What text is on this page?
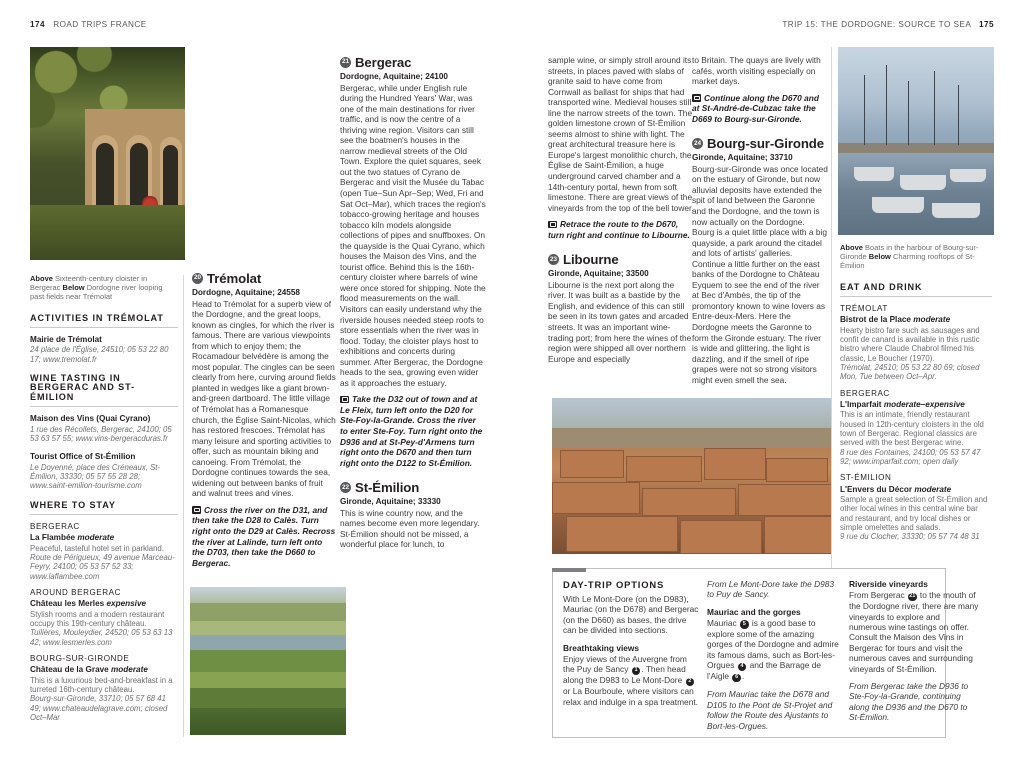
174 ROAD TRIPS FRANCE	TRIP 15: THE DORDOGNE: SOURCE TO SEA 175
Above Sixteenth-century cloister in Bergerac Below Dordogne river looping past fields near Trémolat
ACTIVITIES IN TRÉMOLAT
Mairie de Trémolat
24 place de l'Église, 24510; 05 53 22 80 17; www.tremolat.fr
WINE TASTING IN BERGERAC AND ST-ÉMILION
Maison des Vins (Quai Cyrano)
1 rue des Récollets, Bergerac, 24100; 05 53 63 57 55; www.vins-bergeracduras.fr
Tourist Office of St-Émilion
Le Doyenné, place des Créneaux, St-Émilion, 33330; 05 57 55 28 28; www.saint-emilion-tourisme.com
WHERE TO STAY
BERGERAC
La Flambée moderate
Peaceful, tasteful hotel set in parkland.
Route de Périgueux, 49 avenue Marceau-Feyry, 24100; 05 53 57 52 33; www.laflambee.com
AROUND BERGERAC
Château les Merles expensive
Stylish rooms and a modern restaurant occupy this 19th-century château.
Tuilières, Mouleydier, 24520; 05 53 63 13 42; www.lesmerles.com
BOURG-SUR-GIRONDE
Château de la Grave moderate
This is a luxurious bed-and-breakfast in a turreted 16th-century château.
Bourg-sur-Gironde, 33710; 05 57 68 41 49; www.chateaudelagrave.com; closed Oct–Mar
20 Trémolat
Dordogne, Aquitaine; 24558

Head to Trémolat for a superb view of the Dordogne, and the great loops, known as cingles, for which the river is famous. There are various viewpoints from which to enjoy them; the Rocamadour belvédère is among the most popular. The cingles can be seen clearly from here, curving around fields planted in wedges like a giant brown-and-green dartboard. The little village of Trémolat has a Romanesque church, the Église Saint-Nicolas, which has restored frescoes. Trémolat has many leisure and sporting activities to offer, such as mountain biking and canoeing. From Trémolat, the Dordogne continues towards the sea, widening out between banks of fruit and walnut trees and vines.

Cross the river on the D31, and then take the D28 to Calès. Turn right onto the D29 at Calès. Recross the river at Lalinde, turn left onto the D703, then take the D660 to Bergerac.
21 Bergerac
Dordogne, Aquitaine; 24100

Bergerac, while under English rule during the Hundred Years' War, was one of the main destinations for river traffic, and is now the centre of a thriving wine region. Visitors can still see the boatmen's houses in the narrow medieval streets of the Old Town. Explore the quiet squares, seek out the two statues of Cyrano de Bergerac and visit the Musée du Tabac (open Tue–Sun Apr–Sep; Wed, Fri and Sat Oct–Mar), which traces the region's tobacco-growing heritage and houses tobacco kiln models alongside collections of pipes and snuffboxes. On the quayside is the Quai Cyrano, which houses the Maison des Vins, and the tourist office. Behind this is the 16th-century cloister where barrels of wine were once stored for shipping. Note the flood measurements on the wall. Visitors can easily understand why the riverside houses needed steep roofs to store essentials when the river was in flood. Today, the cloister plays host to exhibitions and concerts during summer. After Bergerac, the Dordogne heads to the sea, growing even wider as it approaches the estuary.

Take the D32 out of town and at Le Fleix, turn left onto the D20 for Ste-Foy-la-Grande. Cross the river to enter Ste-Foy. Turn right onto the D936 and at St-Pey-d'Armens turn right onto the D670 and then turn right onto the D122 to St-Émilion.
22 St-Émilion
Gironde, Aquitaine; 33330

This is wine country now, and the names become even more legendary. St-Émilion should not be missed, a wonderful place for lunch, to

sample wine, or simply stroll around its streets, in places paved with slabs of granite said to have come from Cornwall as ballast for ships that had transported wine. Medieval houses still line the narrow streets of the town. The golden limestone crown of St-Émilion seems almost to shine with light. The great architectural treasure here is Europe's largest monolithic church, the Église de Saint-Émilion, a huge underground carved chamber and a 14th-century portal, hewn from soft limestone. There are great views of the vineyards from the top of the bell tower.

Retrace the route to the D670, turn right and continue to Libourne.
23 Libourne
Gironde, Aquitaine; 33500

Libourne is the next port along the river. It was built as a bastide by the English, and evidence of this can still be seen in its town gates and arcaded streets. It was an important wine-trading port; from here the wines of the region were shipped all over northern Europe and especially

to Britain. The quays are lively with cafés, worth visiting especially on market days.

Continue along the D670 and at St-André-de-Cubzac take the D669 to Bourg-sur-Gironde.
24 Bourg-sur-Gironde
Gironde, Aquitaine; 33710

Bourg-sur-Gironde was once located on the estuary of Gironde, but now alluvial deposits have extended the spit of land between the Garonne and the Dordogne, and the town is now actually on the Dordogne. Bourg is a quiet little place with a big quayside, a park around the citadel and lots of artists' galleries. Continue a little further on the east banks of the Dordogne to Château Eyquem to see the end of the river at Bec d'Ambès, the tip of the promontory known to wine lovers as Entre-deux-Mers. Here the Dordogne meets the Garonne to form the Gironde estuary. The river is wide and glittering, the light is dazzling, and if the smell of ripe grapes were not so strong visitors might even smell the sea.

Above Boats in the harbour of Bourg-sur-Gironde Below Charming rooftops of St-Émilion
EAT AND DRINK
TRÉMOLAT
Bistrot de la Place moderate
Hearty bistro fare such as sausages and confit de canard is available in this rustic bistro where Claude Chabrol filmed his classic, Le Boucher (1970).
Trémolat, 24510; 05 53 22 80 69; closed Mon, Tue between Oct–Apr.
BERGERAC
L'Imparfait moderate–expensive
This is an intimate, friendly restaurant housed in 12th-century cloisters in the old town of Bergerac. Regional classics are served with the best Bergerac wine.
8 rue des Fontaines, 24100; 05 53 57 47 92; www.imparfait.com; open daily
ST-ÉMILION
L'Envers du Décor moderate
Sample a great selection of St-Émilion and other local wines in this central wine bar and restaurant, and try local dishes or simple omelettes and salads.
9 rue du Clocher, 33330; 05 57 74 48 31
DAY-TRIP OPTIONS
With Le Mont-Dore (on the D983), Mauriac (on the D678) and Bergerac (on the D660) as bases, the drive can be divided into sections.
Breathtaking views
Enjoy views of the Auvergne from the Puy de Sancy 1 . Then head along the D983 to Le Mont-Dore 2 or La Bourboule, where visitors can relax and indulge in a spa treatment.
From Le Mont-Dore take the D983 to Puy de Sancy.
Mauriac and the gorges
Mauriac 5 is a good base to explore some of the amazing gorges of the Dordogne and admire its famous dams, such as Bort-les-Orgues 4 and the Barrage de l'Aigle 6 .
From Mauriac take the D678 and D105 to the Pont de St-Projet and follow the Route des Ajustants to Bort-les-Orgues.
Riverside vineyards
From Bergerac 21 to the mouth of the Dordogne river, there are many vineyards to explore and numerous wine tastings on offer. Consult the Maison des Vins in Bergerac for tours and visit the numerous caves and surrounding vineyards of St-Émilion.
From Bergerac take the D936 to Ste-Foy-la-Grande, continuing along the D936 and the D670 to St-Émilion.
